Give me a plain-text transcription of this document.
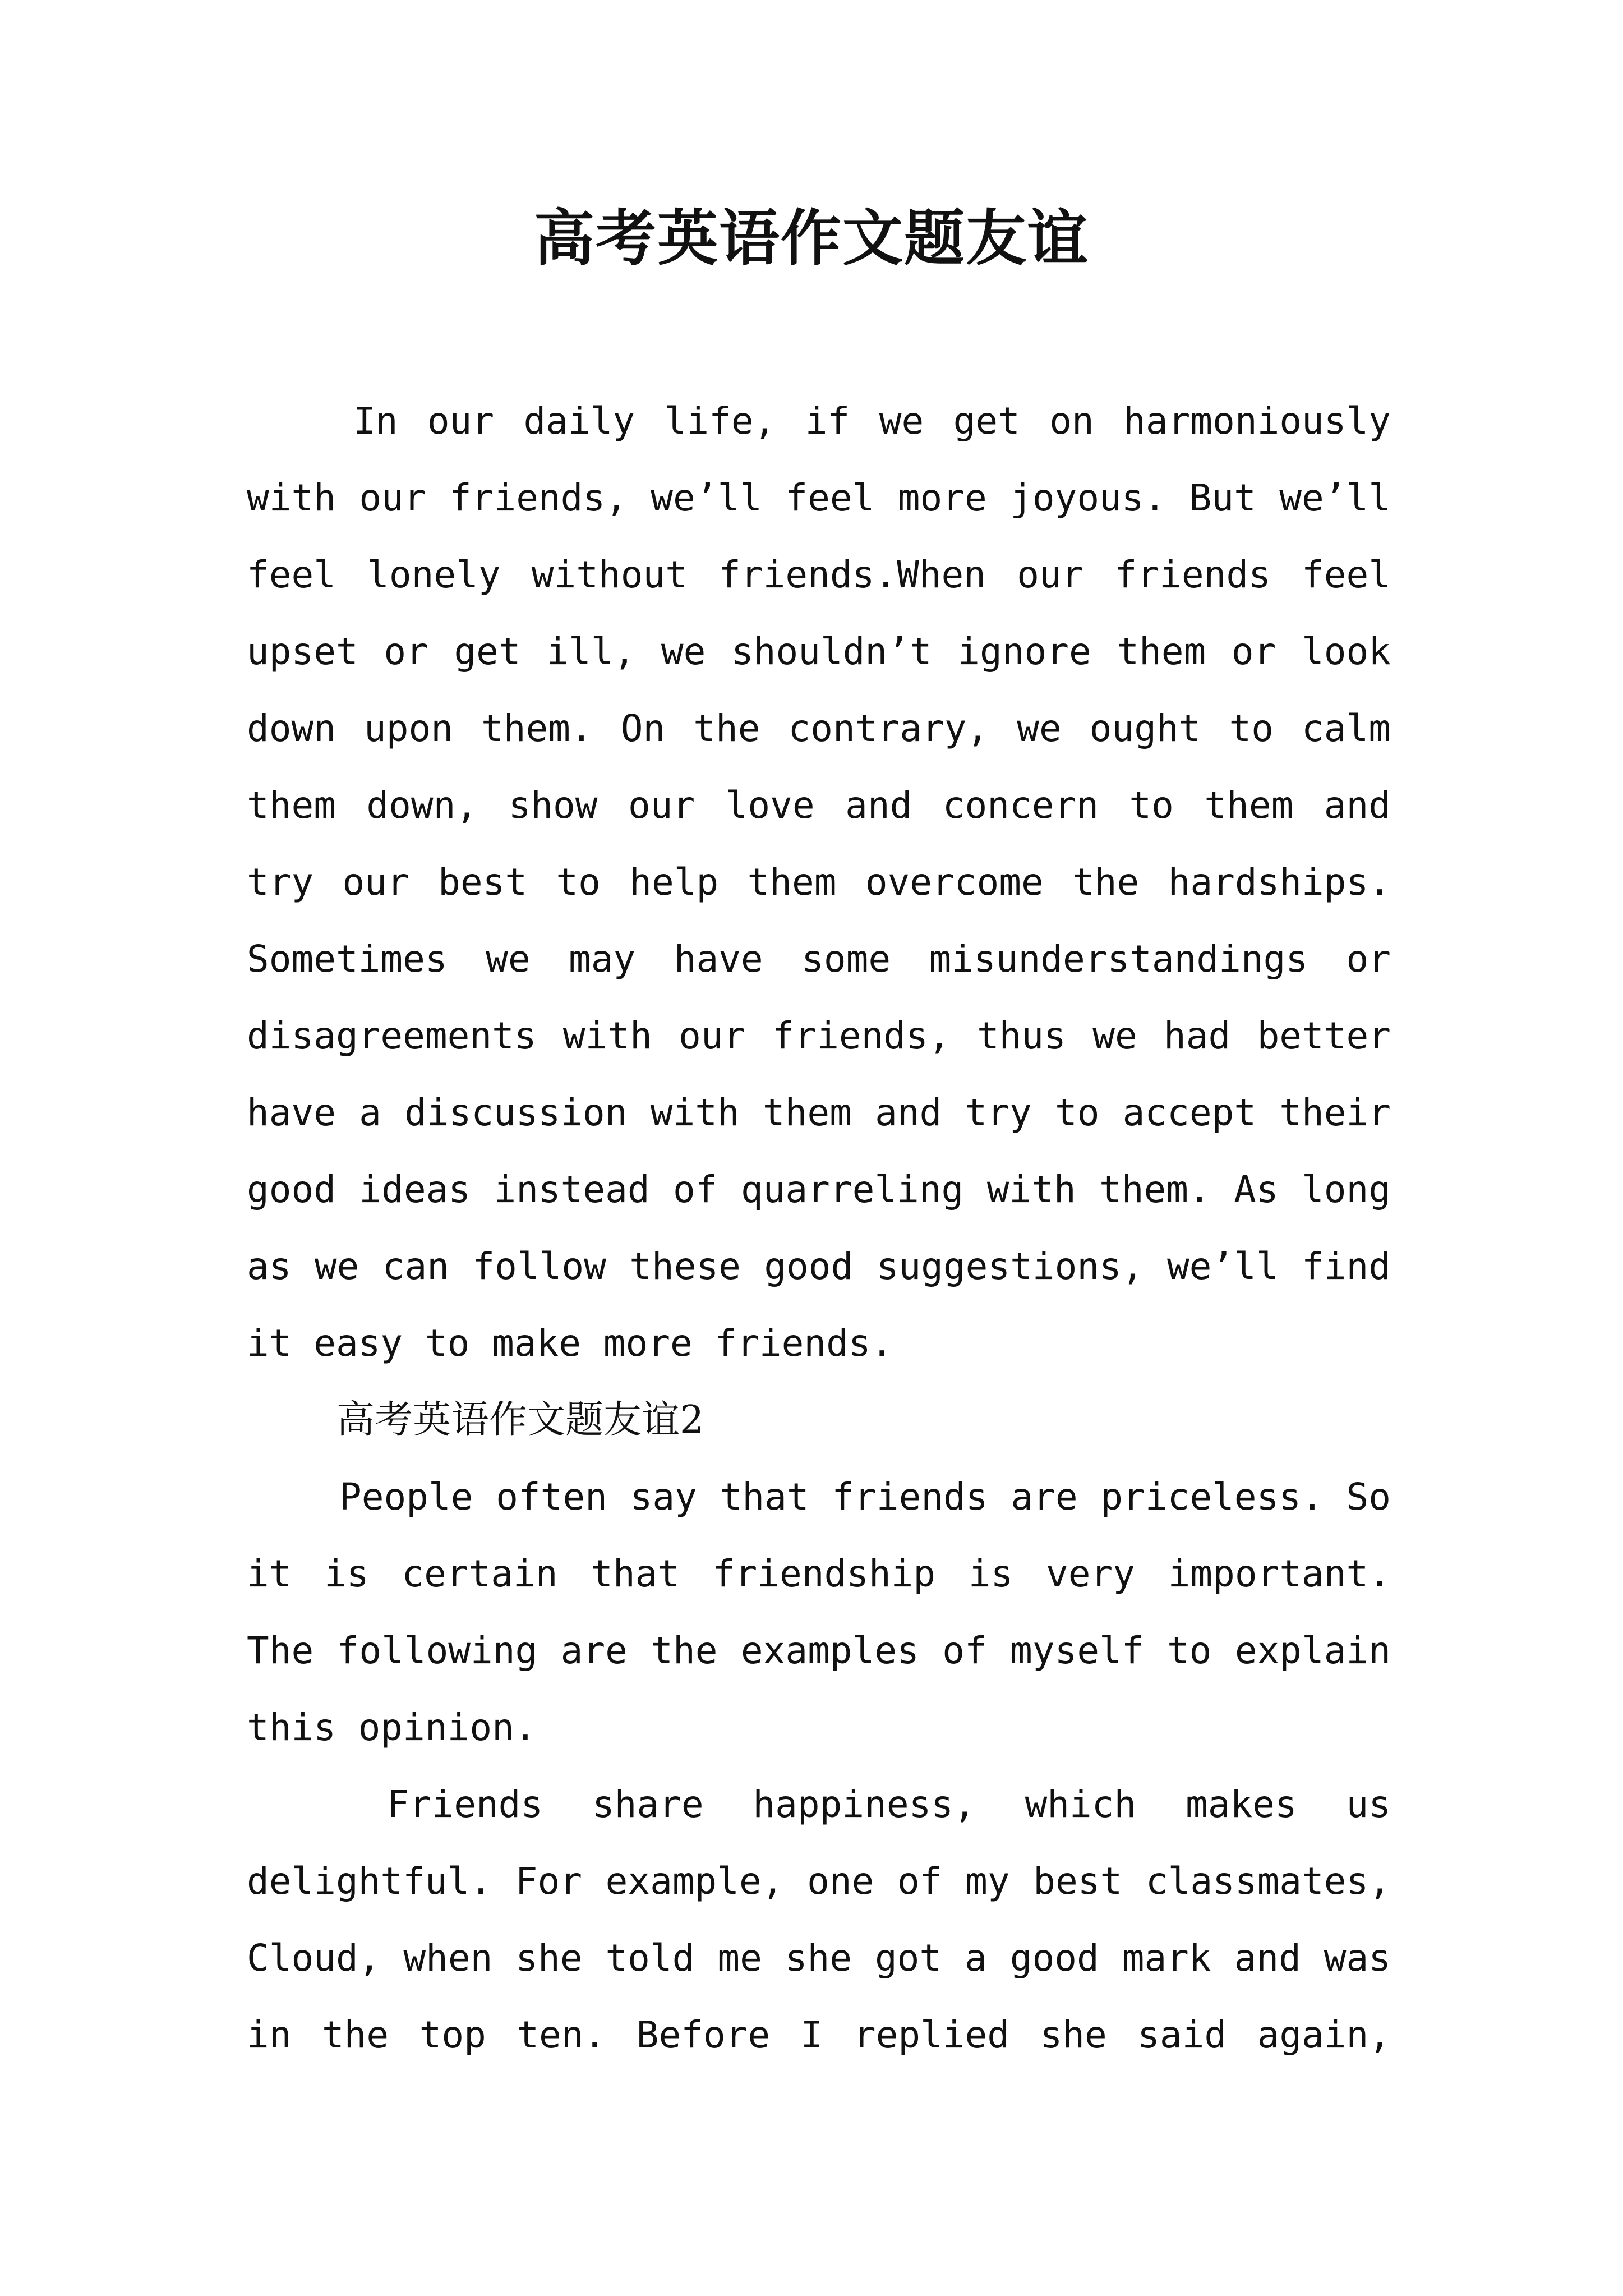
高考英语作文题友谊
In our daily life, if we get on harmoniously
with our friends, we’ll feel more joyous. But we’ll
feel lonely without friends.When our friends feel
upset or get ill, we shouldn’t ignore them or look
down upon them. On the contrary, we ought to calm
them down, show our love and concern to them and
try our best to help them overcome the hardships.
Sometimes we may have some misunderstandings or
disagreements with our friends, thus we had better
have a discussion with them and try to accept their
good ideas instead of quarreling with them. As long
as we can follow these good suggestions, we’ll find
it easy to make more friends.
高考英语作文题友谊2
People often say that friends are priceless. So
it is certain that friendship is very important.
The following are the examples of myself to explain
this opinion.
Friends share happiness, which makes us
delightful. For example, one of my best classmates,
Cloud, when she told me she got a good mark and was
in the top ten. Before I replied she said again,
